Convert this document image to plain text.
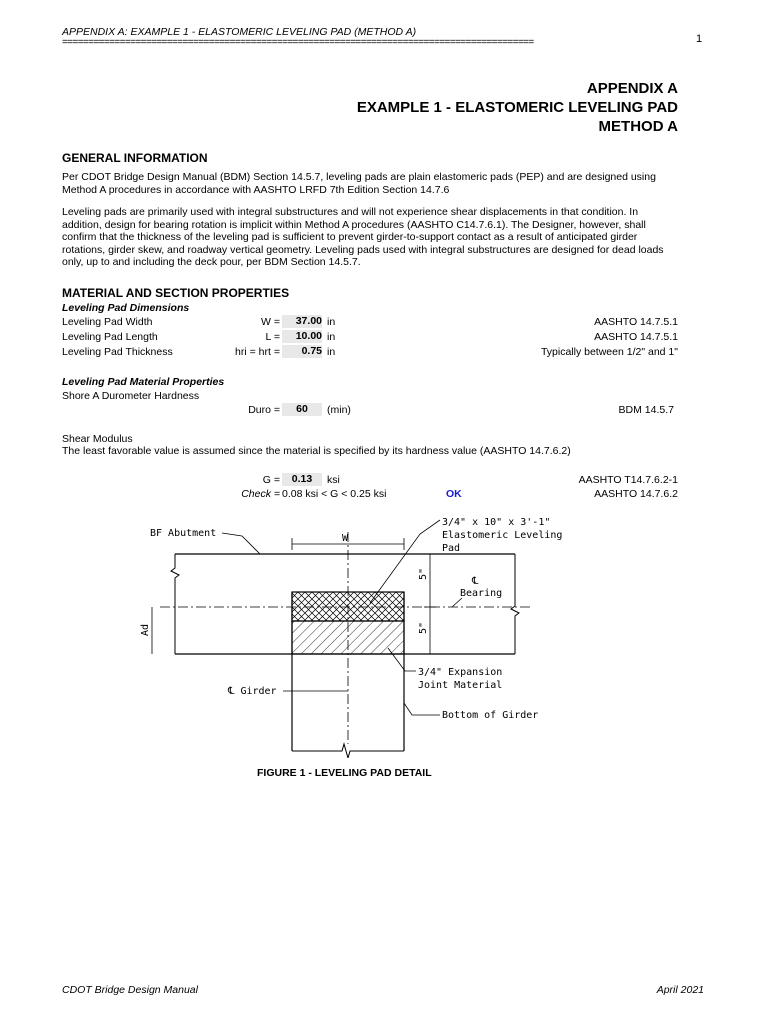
APPENDIX A: EXAMPLE 1 - ELASTOMERIC LEVELING PAD (METHOD A)
==========================================================================================	1
APPENDIX A
EXAMPLE 1 - ELASTOMERIC LEVELING PAD
METHOD A
GENERAL INFORMATION
Per CDOT Bridge Design Manual (BDM) Section 14.5.7, leveling pads are plain elastomeric pads (PEP) and are designed using Method A procedures in accordance with AASHTO LRFD 7th Edition Section 14.7.6
Leveling pads are primarily used with integral substructures and will not experience shear displacements in that condition. In addition, design for bearing rotation is implicit within Method A procedures (AASHTO C14.7.6.1). The Designer, however, shall confirm that the thickness of the leveling pad is sufficient to prevent girder-to-support contact as a result of anticipated girder rotations, girder skew, and roadway vertical geometry. Leveling pads used with integral substructures are designed for dead loads only, up to and including the deck pour, per BDM Section 14.5.7.
MATERIAL AND SECTION PROPERTIES
Leveling Pad Dimensions
Leveling Pad Width	W =	37.00 in	AASHTO 14.7.5.1
Leveling Pad Length	L =	10.00 in	AASHTO 14.7.5.1
Leveling Pad Thickness	hri = hrt =	0.75 in	Typically between 1/2" and 1"
Leveling Pad Material Properties
Shore A Durometer Hardness
Duro =	60	(min)	BDM 14.5.7
Shear Modulus
The least favorable value is assumed since the material is specified by its hardness value (AASHTO 14.7.6.2)
G =	0.13	ksi	AASHTO T14.7.6.2-1
Check = 0.08 ksi < G < 0.25 ksi	OK	AASHTO 14.7.6.2
W
5"
5"
Ad
BF Abutment
3/4" x 10" x 3'-1"
Elastomeric Leveling
Pad
℄
Bearing
3/4" Expansion
Joint Material
℄ Girder
Bottom of Girder
FIGURE 1 - LEVELING PAD DETAIL
CDOT Bridge Design Manual	April 2021
